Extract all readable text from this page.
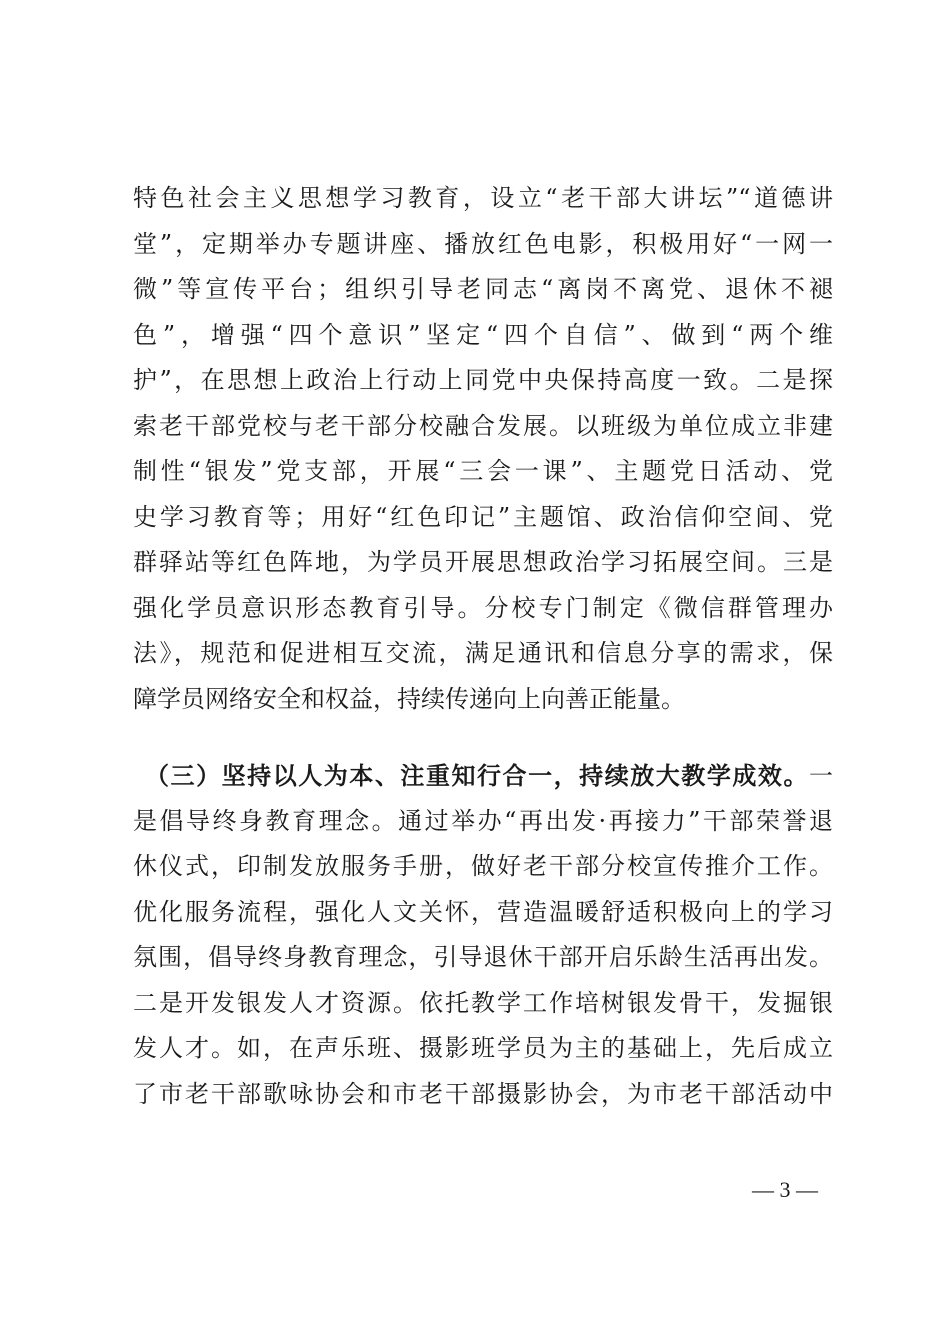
特色社会主义思想学习教育，设立“老干部大讲坛”“道德讲
堂”，定期举办专题讲座、播放红色电影，积极用好“一网一
微”等宣传平台；组织引导老同志“离岗不离党、退休不褪
色”，增强“四个意识”坚定“四个自信”、做到“两个维
护”，在思想上政治上行动上同党中央保持高度一致。二是探
索老干部党校与老干部分校融合发展。以班级为单位成立非建
制性“银发”党支部，开展“三会一课”、主题党日活动、党
史学习教育等；用好“红色印记”主题馆、政治信仰空间、党
群驿站等红色阵地，为学员开展思想政治学习拓展空间。三是
强化学员意识形态教育引导。分校专门制定《微信群管理办
法》，规范和促进相互交流，满足通讯和信息分享的需求，保
障学员网络安全和权益，持续传递向上向善正能量。
（三）坚持以人为本、注重知行合一，持续放大教学成效。一
是倡导终身教育理念。通过举办“再出发·再接力”干部荣誉退
休仪式，印制发放服务手册，做好老干部分校宣传推介工作。
优化服务流程，强化人文关怀，营造温暖舒适积极向上的学习
氛围，倡导终身教育理念，引导退休干部开启乐龄生活再出发。
二是开发银发人才资源。依托教学工作培树银发骨干，发掘银
发人才。如，在声乐班、摄影班学员为主的基础上，先后成立
了市老干部歌咏协会和市老干部摄影协会，为市老干部活动中
— 3 —
